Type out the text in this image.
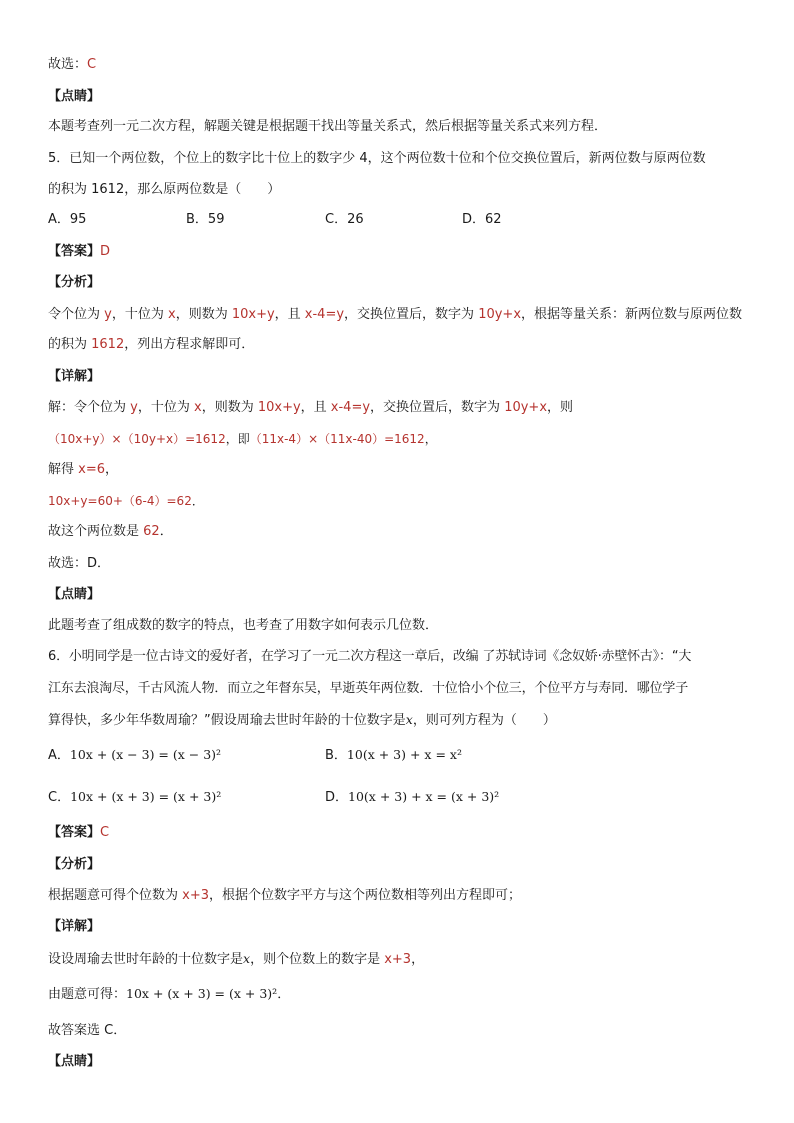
故选：C
【点睛】
本题考查列一元二次方程，解题关键是根据题干找出等量关系式，然后根据等量关系式来列方程．
5．已知一个两位数，个位上的数字比十位上的数字少 4，这个两位数十位和个位交换位置后，新两位数与原两位数
的积为 1612，那么原两位数是（　　）
A．95	B．59	C．26	D．62
【答案】D
【分析】
令个位为 y，十位为 x，则数为 10x+y，且 x-4=y，交换位置后，数字为 10y+x，根据等量关系：新两位数与原两位数
的积为 1612，列出方程求解即可．
【详解】
解：令个位为 y，十位为 x，则数为 10x+y，且 x-4=y，交换位置后，数字为 10y+x，则
（10x+y）×（10y+x）=1612，即（11x-4）×（11x-40）=1612，
解得 x=6，
10x+y=60+（6-4）=62．
故这个两位数是 62．
故选：D．
【点睛】
此题考查了组成数的数字的特点，也考查了用数字如何表示几位数．
6．小明同学是一位古诗文的爱好者，在学习了一元二次方程这一章后，改编 了苏轼诗词《念奴娇·赤壁怀古》：“大
江东去浪淘尽，千古风流人物．而立之年督东吴，早逝英年两位数．十位恰小个位三，个位平方与寿同．哪位学子
算得快，多少年华数周瑜？”假设周瑜去世时年龄的十位数字是x，则可列方程为（　　）
A．10x + (x − 3) = (x − 3)²	B．10(x + 3) + x = x²
C．10x + (x + 3) = (x + 3)²	D．10(x + 3) + x = (x + 3)²
【答案】C
【分析】
根据题意可得个位数为 x+3，根据个位数字平方与这个两位数相等列出方程即可；
【详解】
设设周瑜去世时年龄的十位数字是x，则个位数上的数字是 x+3，
由题意可得：10x + (x + 3) = (x + 3)²．
故答案选 C．
【点睛】
